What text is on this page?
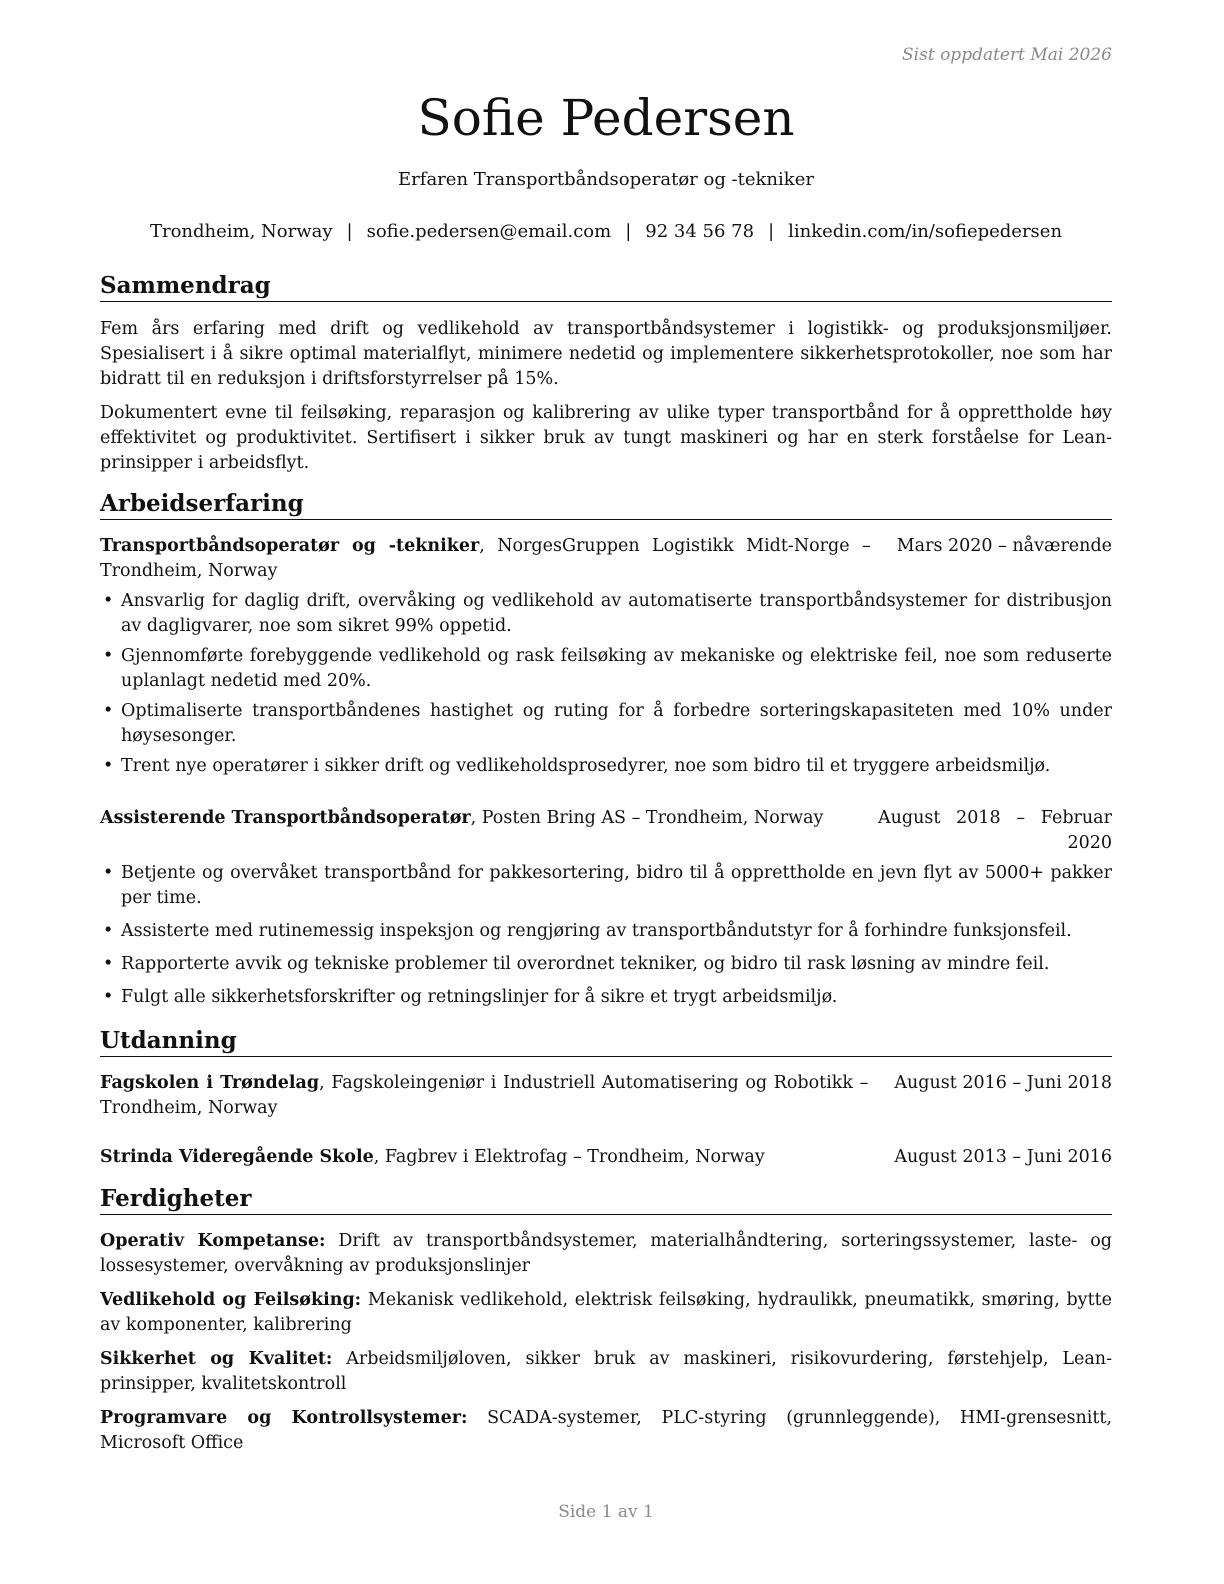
Sist oppdatert Mai 2026
Sofie Pedersen
Erfaren Transportbåndsoperatør og -tekniker
Trondheim, Norway | sofie.pedersen@email.com | 92 34 56 78 | linkedin.com/in/sofiepedersen
Sammendrag

Fem års erfaring med drift og vedlikehold av transportbåndsystemer i logistikk- og produksjonsmiljøer. Spesialisert i å sikre optimal materialflyt, minimere nedetid og implementere sikkerhetsprotokoller, noe som har bidratt til en reduksjon i driftsforstyrrelser på 15%.

Dokumentert evne til feilsøking, reparasjon og kalibrering av ulike typer transportbånd for å opprettholde høy effektivitet og produktivitet. Sertifisert i sikker bruk av tungt maskineri og har en sterk forståelse for Lean-prinsipper i arbeidsflyt.

Arbeidserfaring
Transportbåndsoperatør og -tekniker, NorgesGruppen Logistikk Midt-Norge – Trondheim, Norway
Mars 2020 – nåværende
• Ansvarlig for daglig drift, overvåking og vedlikehold av automatiserte transportbåndsystemer for distribusjon av dagligvarer, noe som sikret 99% oppetid.
• Gjennomførte forebyggende vedlikehold og rask feilsøking av mekaniske og elektriske feil, noe som reduserte uplanlagt nedetid med 20%.
• Optimaliserte transportbåndenes hastighet og ruting for å forbedre sorteringskapasiteten med 10% under høysesonger.
• Trent nye operatører i sikker drift og vedlikeholdsprosedyrer, noe som bidro til et tryggere arbeidsmiljø.
Assisterende Transportbåndsoperatør, Posten Bring AS – Trondheim, Norway	August 2018 – Februar 2020
• Betjente og overvåket transportbånd for pakkesortering, bidro til å opprettholde en jevn flyt av 5000+ pakker per time.
• Assisterte med rutinemessig inspeksjon og rengjøring av transportbåndutstyr for å forhindre funksjonsfeil.
• Rapporterte avvik og tekniske problemer til overordnet tekniker, og bidro til rask løsning av mindre feil.
• Fulgt alle sikkerhetsforskrifter og retningslinjer for å sikre et trygt arbeidsmiljø.
Utdanning
Fagskolen i Trøndelag, Fagskoleingeniør i Industriell Automatisering og Robotikk – Trondheim, Norway
August 2016 – Juni 2018
Strinda Videregående Skole, Fagbrev i Elektrofag – Trondheim, Norway	August 2013 – Juni 2016
Ferdigheter

Operativ Kompetanse: Drift av transportbåndsystemer, materialhåndtering, sorteringssystemer, laste- og lossesystemer, overvåkning av produksjonslinjer

Vedlikehold og Feilsøking: Mekanisk vedlikehold, elektrisk feilsøking, hydraulikk, pneumatikk, smøring, bytte av komponenter, kalibrering

Sikkerhet og Kvalitet: Arbeidsmiljøloven, sikker bruk av maskineri, risikovurdering, førstehjelp, Lean-prinsipper, kvalitetskontroll

Programvare og Kontrollsystemer: SCADA-systemer, PLC-styring (grunnleggende), HMI-grensesnitt, Microsoft Office

Side 1 av 1
